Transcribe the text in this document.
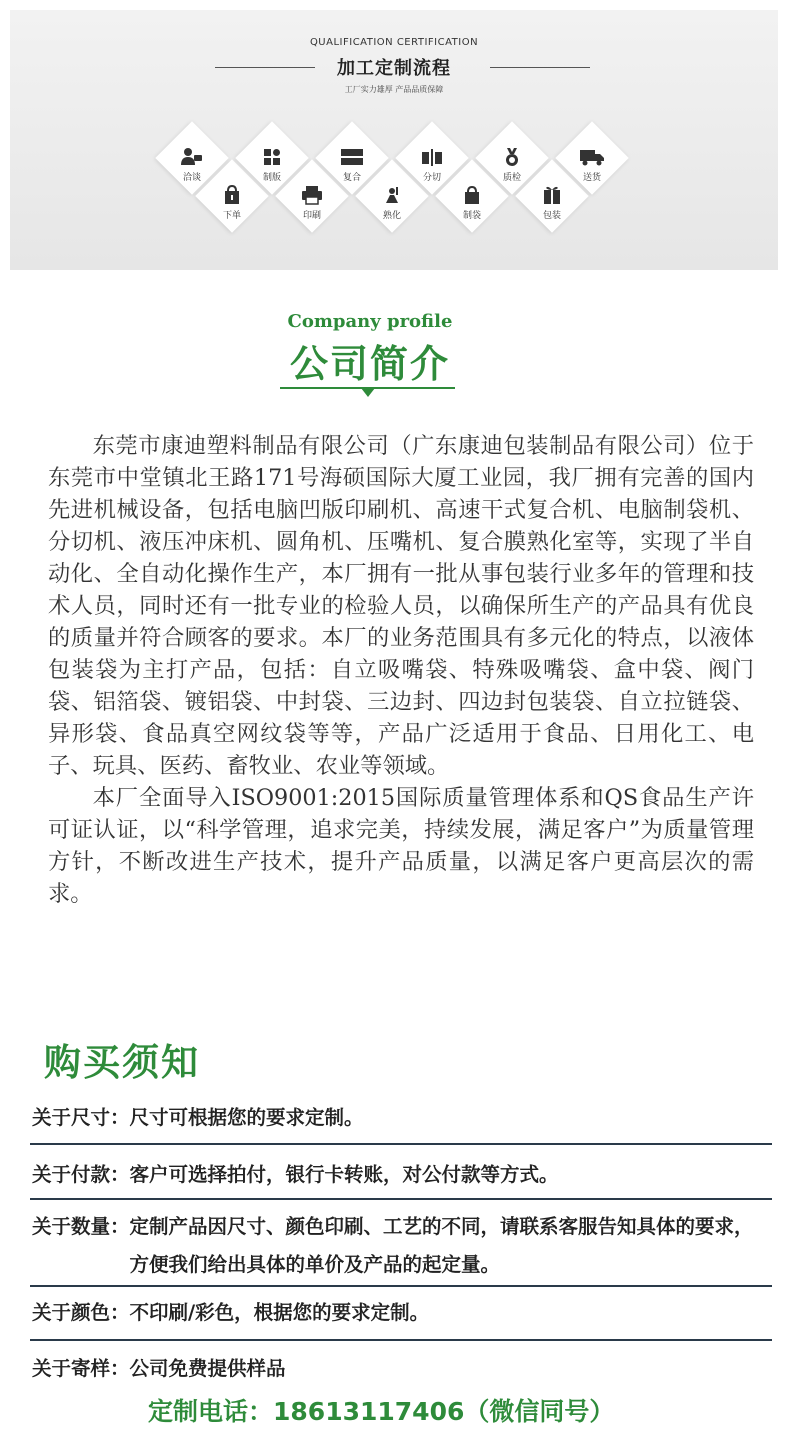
QUALIFICATION CERTIFICATION
加工定制流程
工厂实力雄厚 产品品质保障
洽谈
下单
制版
印刷
复合
熟化
分切
制袋
质检
包装
送货
Company profile
公司简介

东莞市康迪塑料制品有限公司（广东康迪包装制品有限公司）位于东莞市中堂镇北王路171号海硕国际大厦工业园，我厂拥有完善的国内先进机械设备，包括电脑凹版印刷机、高速干式复合机、电脑制袋机、分切机、液压冲床机、圆角机、压嘴机、复合膜熟化室等，实现了半自动化、全自动化操作生产，本厂拥有一批从事包装行业多年的管理和技术人员，同时还有一批专业的检验人员，以确保所生产的产品具有优良的质量并符合顾客的要求。本厂的业务范围具有多元化的特点，以液体包装袋为主打产品，包括：自立吸嘴袋、特殊吸嘴袋、盒中袋、阀门袋、铝箔袋、镀铝袋、中封袋、三边封、四边封包装袋、自立拉链袋、异形袋、食品真空网纹袋等等，产品广泛适用于食品、日用化工、电子、玩具、医药、畜牧业、农业等领域。

本厂全面导入ISO9001:2015国际质量管理体系和QS食品生产许可证认证，以“科学管理，追求完美，持续发展，满足客户”为质量管理方针，不断改进生产技术，提升产品质量，以满足客户更高层次的需求。

购买须知
关于尺寸： 尺寸可根据您的要求定制。
关于付款： 客户可选择拍付，银行卡转账，对公付款等方式。
关于数量： 定制产品因尺寸、颜色印刷、工艺的不同，请联系客服告知具体的要求，方便我们给出具体的单价及产品的起定量。
关于颜色： 不印刷/彩色，根据您的要求定制。
关于寄样： 公司免费提供样品
定制电话：18613117406（微信同号）
